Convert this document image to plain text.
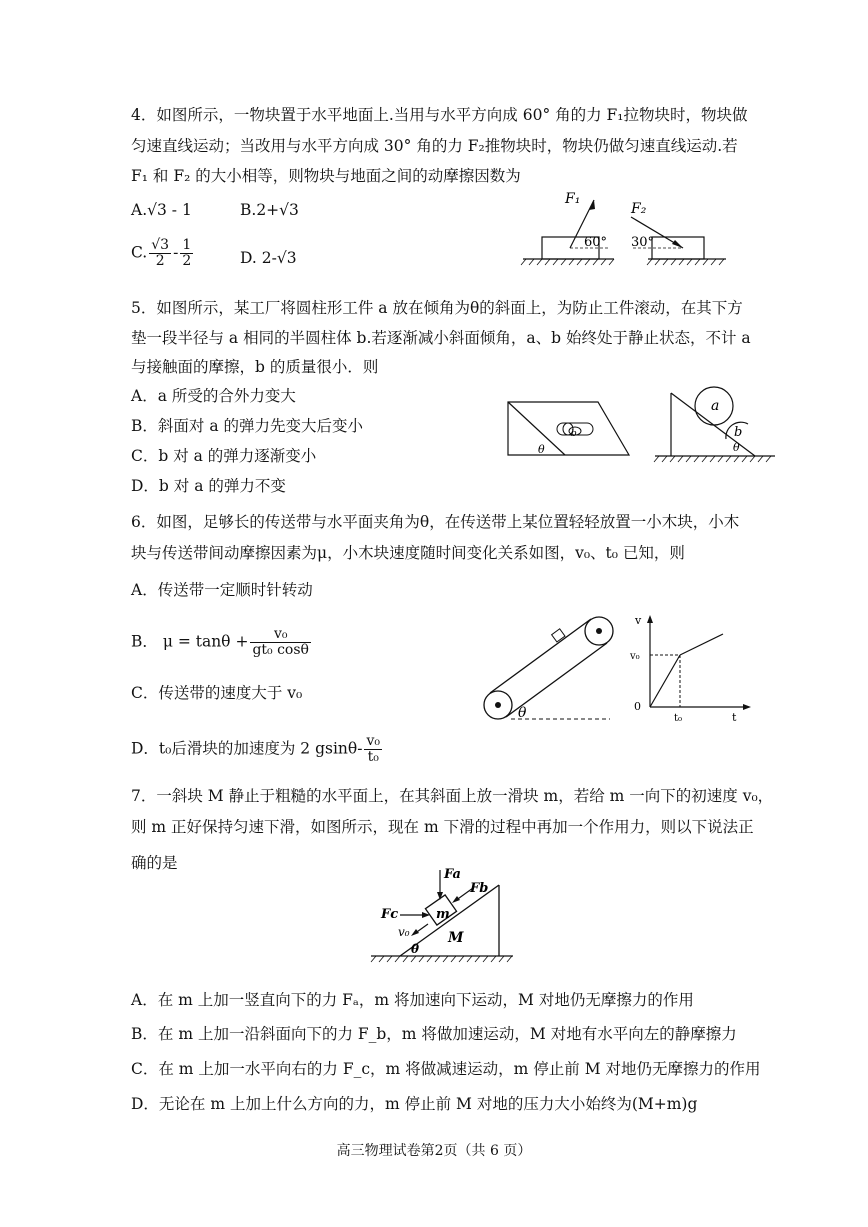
4．如图所示，一物块置于水平地面上.当用与水平方向成 60° 角的力 F₁拉物块时，物块做
匀速直线运动；当改用与水平方向成 30° 角的力 F₂推物块时，物块仍做匀速直线运动.若
F₁ 和 F₂ 的大小相等，则物块与地面之间的动摩擦因数为
A.√3 - 1	B.2+√3
C. $\frac{√3}{2} - \frac{1}{2}$	D. 2-√3
F₁
60°
F₂
30°
5．如图所示，某工厂将圆柱形工件 a 放在倾角为θ的斜面上，为防止工件滚动，在其下方
垫一段半径与 a 相同的半圆柱体 b.若逐渐减小斜面倾角，a、b 始终处于静止状态，不计 a
与接触面的摩擦，b 的质量很小．则
A．a 所受的合外力变大
B．斜面对 a 的弹力先变大后变小
C．b 对 a 的弹力逐渐变小
D．b 对 a 的弹力不变
b
θ
a
b
θ
6．如图，足够长的传送带与水平面夹角为θ，在传送带上某位置轻轻放置一小木块，小木
块与传送带间动摩擦因素为μ，小木块速度随时间变化关系如图，v₀、t₀ 已知，则
A．传送带一定顺时针转动
B． $\mu = \tan\theta + \frac{\text{v₀}}{\text{gt₀ cosθ}}$
C．传送带的速度大于 v₀
D．t₀后滑块的加速度为 2 $gsin\theta- \frac{\text{v₀}}{\text{t₀}}$
θ
v
v₀
0
t₀	t
7．一斜块 M 静止于粗糙的水平面上，在其斜面上放一滑块 m，若给 m 一向下的初速度 v₀，
则 m 正好保持匀速下滑，如图所示，现在 m 下滑的过程中再加一个作用力，则以下说法正
确的是
m
Fa
Fb
Fc
v₀	M
θ
A．在 m 上加一竖直向下的力 Fₐ，m 将加速向下运动，M 对地仍无摩擦力的作用
B．在 m 上加一沿斜面向下的力 F_b，m 将做加速运动，M 对地有水平向左的静摩擦力
C．在 m 上加一水平向右的力 F_c，m 将做减速运动，m 停止前 M 对地仍无摩擦力的作用
D．无论在 m 上加上什么方向的力，m 停止前 M 对地的压力大小始终为(M+m)g
高三物理试卷第2页（共 6 页）
